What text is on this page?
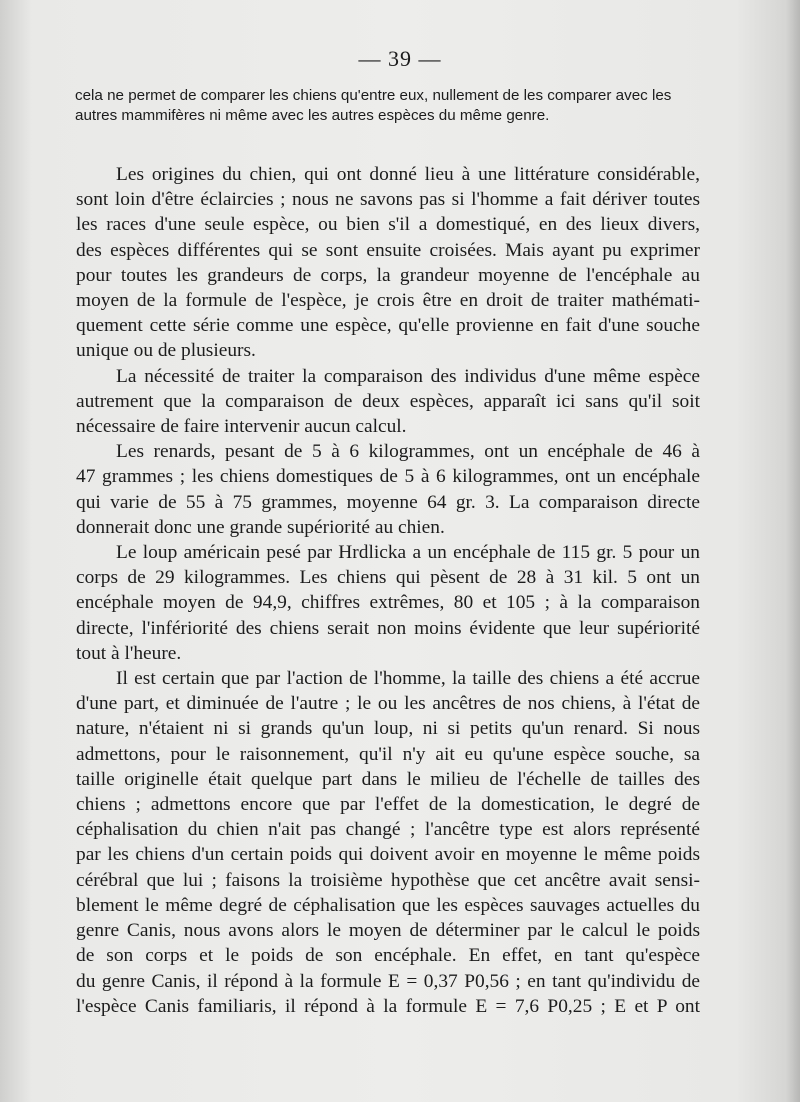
— 39 —
cela ne permet de comparer les chiens qu'entre eux, nullement de les comparer avec les
autres mammifères ni même avec les autres espèces du même genre.
Les origines du chien, qui ont donné lieu à une littérature considérable,
sont loin d'être éclaircies ; nous ne savons pas si l'homme a fait dériver toutes
les races d'une seule espèce, ou bien s'il a domestiqué, en des lieux divers,
des espèces différentes qui se sont ensuite croisées. Mais ayant pu exprimer
pour toutes les grandeurs de corps, la grandeur moyenne de l'encéphale au
moyen de la formule de l'espèce, je crois être en droit de traiter mathémati-
quement cette série comme une espèce, qu'elle provienne en fait d'une souche
unique ou de plusieurs.
La nécessité de traiter la comparaison des individus d'une même espèce
autrement que la comparaison de deux espèces, apparaît ici sans qu'il soit
nécessaire de faire intervenir aucun calcul.
Les renards, pesant de 5 à 6 kilogrammes, ont un encéphale de 46 à
47 grammes ; les chiens domestiques de 5 à 6 kilogrammes, ont un encéphale
qui varie de 55 à 75 grammes, moyenne 64 gr. 3. La comparaison directe
donnerait donc une grande supériorité au chien.
Le loup américain pesé par Hrdlicka a un encéphale de 115 gr. 5 pour un
corps de 29 kilogrammes. Les chiens qui pèsent de 28 à 31 kil. 5 ont un
encéphale moyen de 94,9, chiffres extrêmes, 80 et 105 ; à la comparaison
directe, l'infériorité des chiens serait non moins évidente que leur supériorité
tout à l'heure.
Il est certain que par l'action de l'homme, la taille des chiens a été accrue
d'une part, et diminuée de l'autre ; le ou les ancêtres de nos chiens, à l'état de
nature, n'étaient ni si grands qu'un loup, ni si petits qu'un renard. Si nous
admettons, pour le raisonnement, qu'il n'y ait eu qu'une espèce souche, sa
taille originelle était quelque part dans le milieu de l'échelle de tailles des
chiens ; admettons encore que par l'effet de la domestication, le degré de
céphalisation du chien n'ait pas changé ; l'ancêtre type est alors représenté
par les chiens d'un certain poids qui doivent avoir en moyenne le même poids
cérébral que lui ; faisons la troisième hypothèse que cet ancêtre avait sensi-
blement le même degré de céphalisation que les espèces sauvages actuelles du
genre Canis, nous avons alors le moyen de déterminer par le calcul le poids
de son corps et le poids de son encéphale. En effet, en tant qu'espèce
du genre Canis, il répond à la formule E = 0,37 P0,56 ; en tant qu'individu de
l'espèce Canis familiaris, il répond à la formule E = 7,6 P0,25 ; E et P ont
